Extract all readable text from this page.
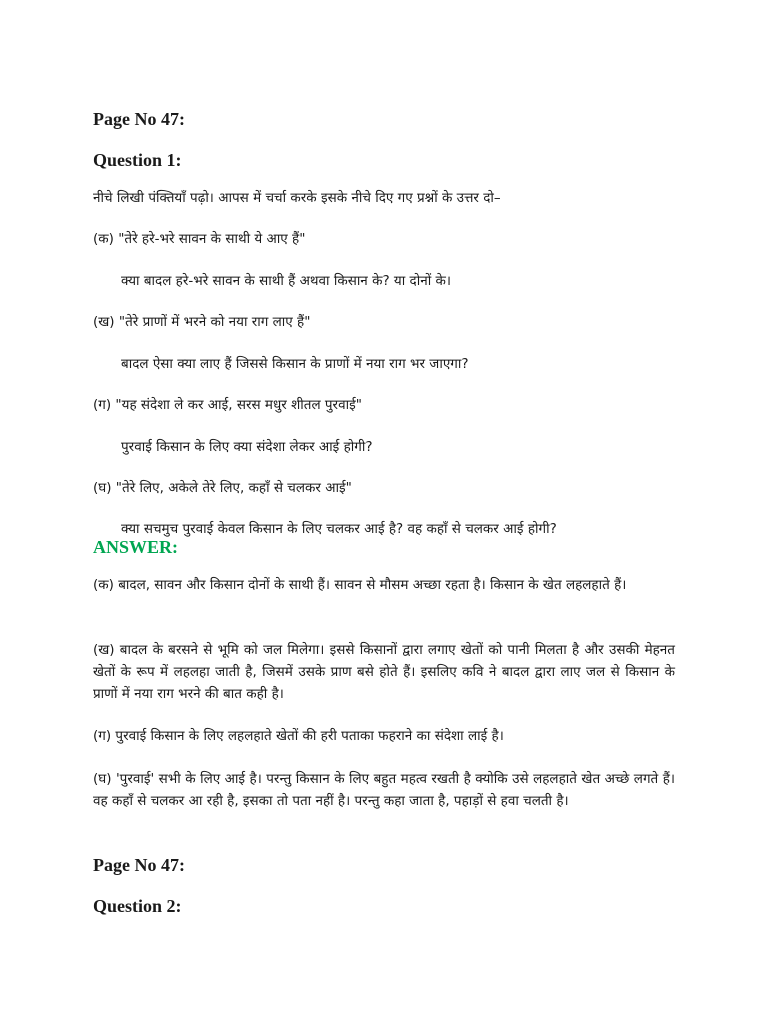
Page No 47:
Question 1:

नीचे लिखी पंक्तियाँ पढ़ो। आपस में चर्चा करके इसके नीचे दिए गए प्रश्नों के उत्तर दो–

(क) "तेरे हरे-भरे सावन के साथी ये आए हैं"

क्या बादल हरे-भरे सावन के साथी हैं अथवा किसान के? या दोनों के।

(ख) "तेरे प्राणों में भरने को नया राग लाए हैं"

बादल ऐसा क्या लाए हैं जिससे किसान के प्राणों में नया राग भर जाएगा?

(ग) "यह संदेशा ले कर आई, सरस मधुर शीतल पुरवाई"

पुरवाई किसान के लिए क्या संदेशा लेकर आई होगी?

(घ) "तेरे लिए, अकेले तेरे लिए, कहाँ से चलकर आई"

क्या सचमुच पुरवाई केवल किसान के लिए चलकर आई है? वह कहाँ से चलकर आई होगी?

ANSWER:

(क) बादल, सावन और किसान दोनों के साथी हैं। सावन से मौसम अच्छा रहता है। किसान के खेत लहलहाते हैं।

(ख) बादल के बरसने से भूमि को जल मिलेगा। इससे किसानों द्वारा लगाए खेतों को पानी मिलता है और उसकी मेहनत खेतों के रूप में लहलहा जाती है, जिसमें उसके प्राण बसे होते हैं। इसलिए कवि ने बादल द्वारा लाए जल से किसान के प्राणों में नया राग भरने की बात कही है।

(ग) पुरवाई किसान के लिए लहलहाते खेतों की हरी पताका फहराने का संदेशा लाई है।

(घ) 'पुरवाई' सभी के लिए आई है। परन्तु किसान के लिए बहुत महत्व रखती है क्योकि उसे लहलहाते खेत अच्छे लगते हैं। वह कहाँ से चलकर आ रही है, इसका तो पता नहीं है। परन्तु कहा जाता है, पहाड़ों से हवा चलती है।

Page No 47:
Question 2:
